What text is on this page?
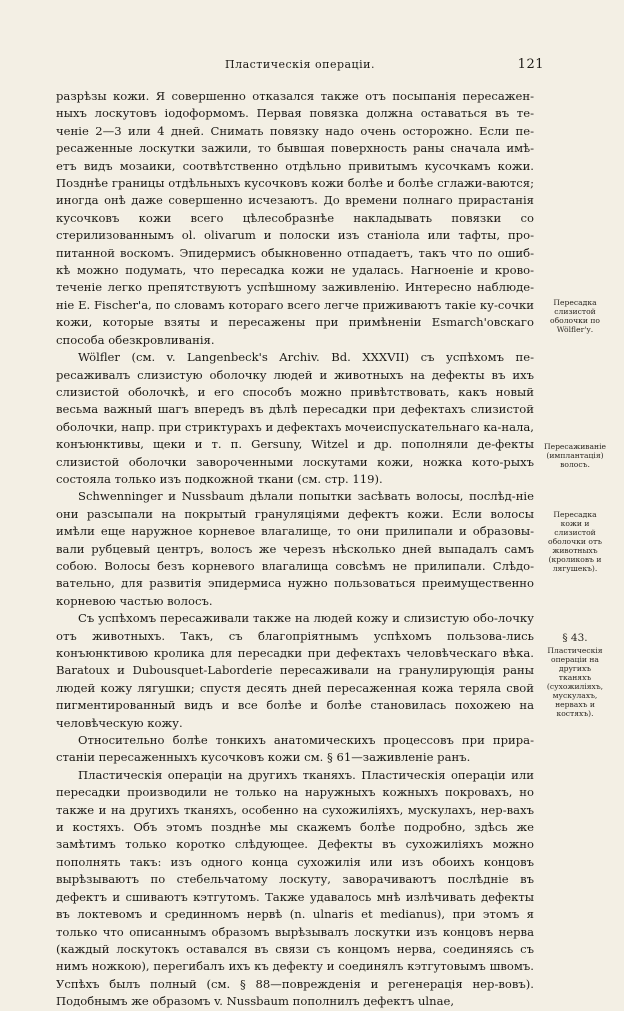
Пластическія операціи.	121

разрѣзы кожи. Я совершенно отказался также отъ посыпанія пересажен-ныхъ лоскутовъ іодоформомъ. Первая повязка должна оставаться въ те-ченіе 2—3 или 4 дней. Снимать повязку надо очень осторожно. Если пе-ресаженные лоскутки зажили, то бывшая поверхность раны сначала имѣ-етъ видъ мозаики, соотвѣтственно отдѣльно привитымъ кусочкамъ кожи. Позднѣе границы отдѣльныхъ кусочковъ кожи болѣе и болѣе сглажи-ваются; иногда онѣ даже совершенно исчезаютъ. До времени полнаго прирастанія кусочковъ кожи всего цѣлесобразнѣе накладывать повязки со стерилизованнымъ ol. olivarum и полоски изъ станіола или тафты, про-питанной воскомъ. Эпидермисъ обыкновенно отпадаетъ, такъ что по ошиб-кѣ можно подумать, что пересадка кожи не удалась. Нагноеніе и крово-теченіе легко препятствуютъ успѣшному заживленію. Интересно наблюде-ніе E. Fischer'а, по словамъ котораго всего легче приживаютъ такіе ку-сочки кожи, которые взяты и пересажены при примѣненіи Esmarch'овскаго способа обезкровливанія.

Wölfler (см. v. Langenbeck's Archiv. Bd. XXXVII) съ успѣхомъ пе-ресаживалъ слизистую оболочку людей и животныхъ на дефекты въ ихъ слизистой оболочкѣ, и его способъ можно привѣтствовать, какъ новый весьма важный шагъ впередъ въ дѣлѣ пересадки при дефектахъ слизистой оболочки, напр. при стриктурахъ и дефектахъ мочеиспускательнаго ка-нала, конъюнктивы, щеки и т. п. Gersuny, Witzel и др. пополняли де-фекты слизистой оболочки завороченными лоскутами кожи, ножка кото-рыхъ состояла только изъ подкожной ткани (см. стр. 119).

Schwenninger и Nussbaum дѣлали попытки засѣвать волосы, послѣд-ніе они разсыпали на покрытый грануляціями дефектъ кожи. Если волосы имѣли еще наружное корневое влагалище, то они прилипали и образовы-вали рубцевый центръ, волосъ же черезъ нѣсколько дней выпадалъ самъ собою. Волосы безъ корневого влагалища совсѣмъ не прилипали. Слѣдо-вательно, для развитія эпидермиса нужно пользоваться преимущественно корневою частью волосъ.

Съ успѣхомъ пересаживали также на людей кожу и слизистую обо-лочку отъ животныхъ. Такъ, съ благопріятнымъ успѣхомъ пользова-лись конъюнктивою кролика для пересадки при дефектахъ человѣческаго вѣка. Baratoux и Dubousquet-Laborderie пересаживали на гранулирующія раны людей кожу лягушки; спустя десять дней пересаженная кожа теряла свой пигментированный видъ и все болѣе и болѣе становилась похожею на человѣческую кожу.

Относительно болѣе тонкихъ анатомическихъ процессовъ при прира-станіи пересаженныхъ кусочковъ кожи см. § 61—заживленіе ранъ.

Пластическія операціи на другихъ тканяхъ. Пластическія операціи или пересадки производили не только на наружныхъ кожныхъ покровахъ, но также и на другихъ тканяхъ, особенно на сухожиліяхъ, мускулахъ, нер-вахъ и костяхъ. Объ этомъ позднѣе мы скажемъ болѣе подробно, здѣсь же замѣтимъ только коротко слѣдующее. Дефекты въ сухожиліяхъ можно пополнять такъ: изъ одного конца сухожилія или изъ обоихъ концовъ вырѣзываютъ по стебельчатому лоскуту, заворачиваютъ послѣдніе въ дефектъ и сшиваютъ кэтгутомъ. Также удавалось мнѣ излѣчивать дефекты въ локтевомъ и срединномъ нервѣ (n. ulnaris et medianus), при этомъ я только что описаннымъ образомъ вырѣзывалъ лоскутки изъ концовъ нерва (каждый лоскутокъ оставался въ связи съ концомъ нерва, соединяясь съ нимъ ножкою), перегибалъ ихъ къ дефекту и соединялъ кэтгутовымъ швомъ. Успѣхъ былъ полный (см. § 88—поврежденія и регенерація нер-вовъ). Подобнымъ же образомъ v. Nussbaum пополнилъ дефектъ ulnae,

Пересадка слизистой оболочки по Wölfler'у.
Пересаживаніе (имплантація) волосъ.
Пересадка кожи и слизистой оболочки отъ животныхъ (кроликовъ и лягушекъ).
§ 43.
Пластическія операціи на другихъ тканяхъ (сухожиліяхъ, мускулахъ, нервахъ и костяхъ).
